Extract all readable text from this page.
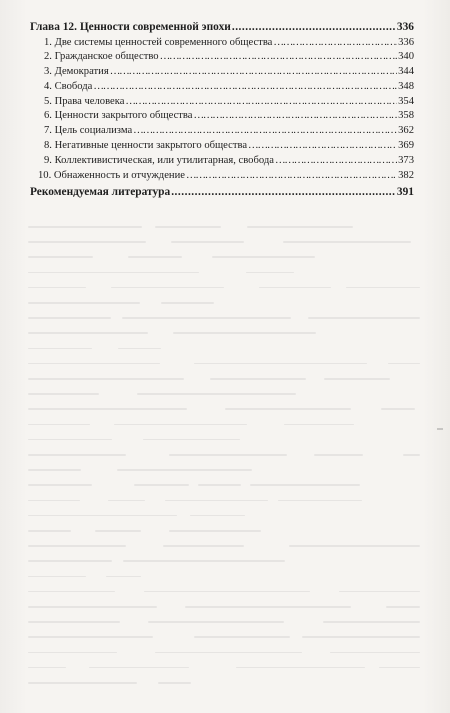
Глава 12. Ценности современной эпохи .....	336
1. Две системы ценностей современного общества …………………………………………………………………………………………………………………………………………………………………	336
2. Гражданское общество …………………………………………………………………………………………………………………………………………………………………	340
3. Демократия …………………………………………………………………………………………………………………………………………………………………	344
4. Свобода …………………………………………………………………………………………………………………………………………………………………	348
5. Права человека …………………………………………………………………………………………………………………………………………………………………	354
6. Ценности закрытого общества …………………………………………………………………………………………………………………………………………………………………	358
7. Цель социализма …………………………………………………………………………………………………………………………………………………………………	362
8. Негативные ценности закрытого общества …………………………………………………………………………………………………………………………………………………………………	369
9. Коллективистическая, или утилитарная, свобода …………………………………………………………………………………………………………………………………………………………………	373
10. Обнаженность и отчуждение …………………………………………………………………………………………………………………………………………………………………	382
Рекомендуемая литература .....	391
